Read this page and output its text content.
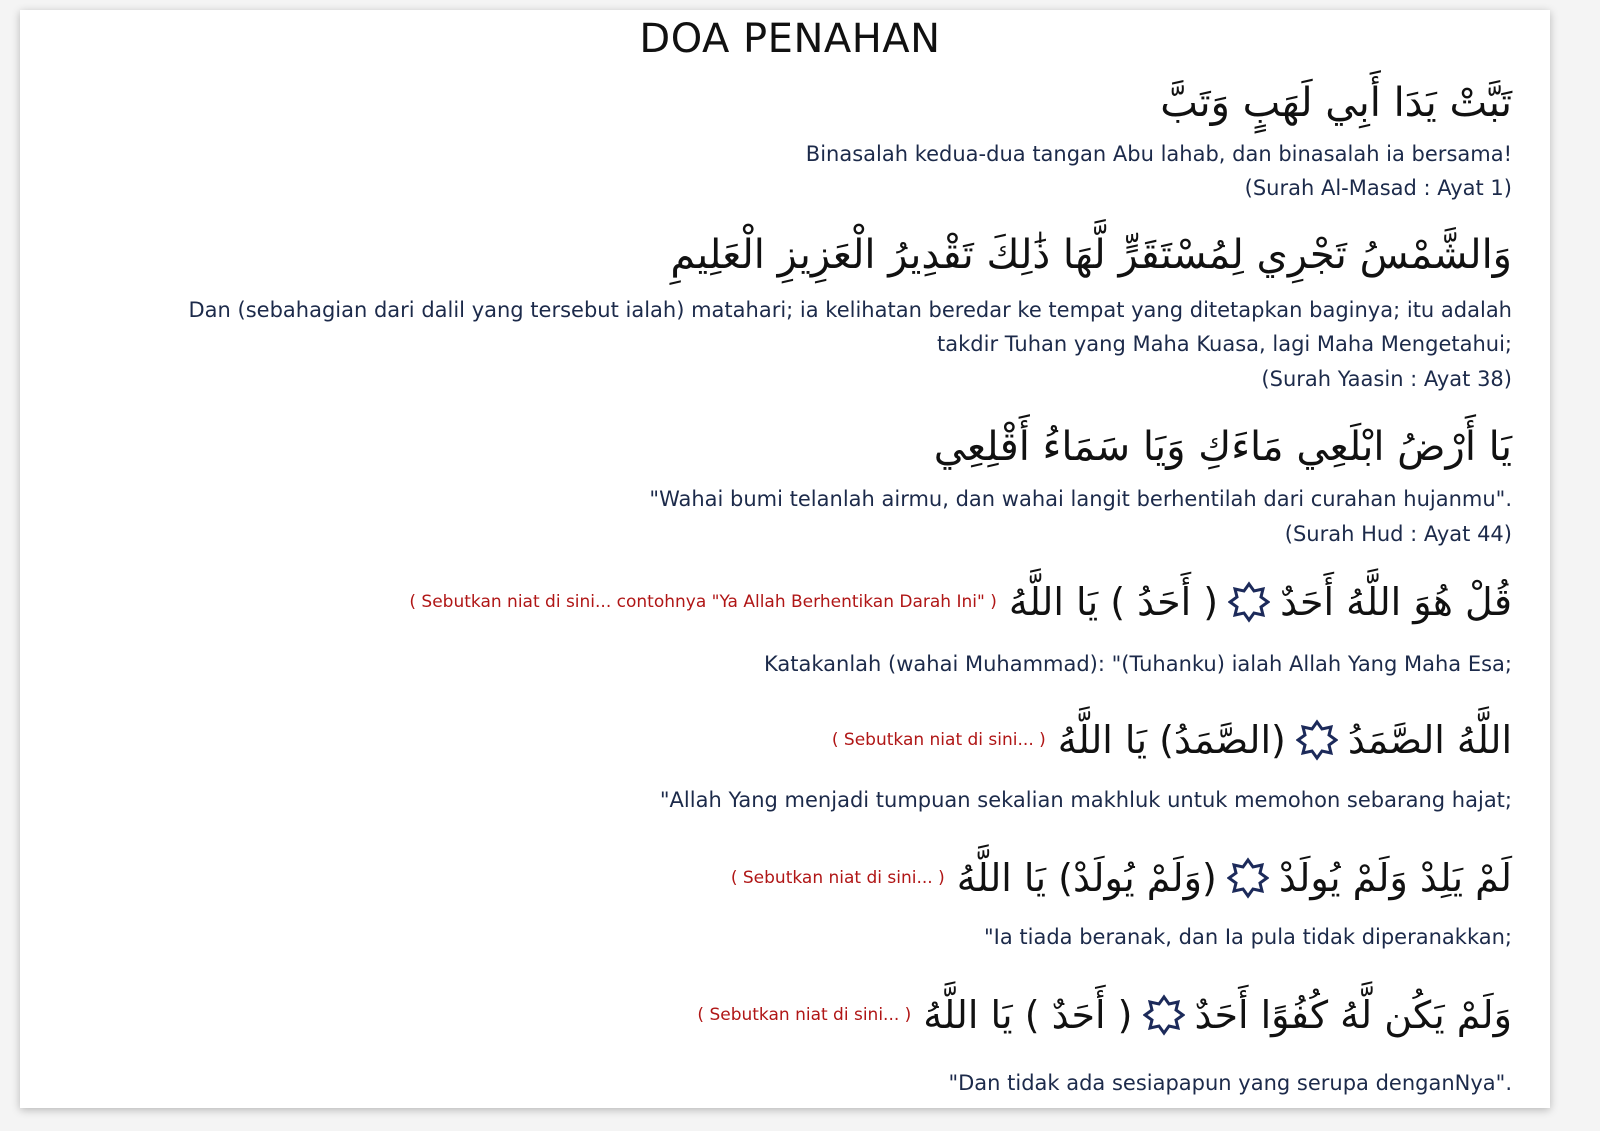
DOA PENAHAN
تَبَّتْ يَدَا أَبِي لَهَبٍ وَتَبَّ
Binasalah kedua-dua tangan Abu lahab, dan binasalah ia bersama!
(Surah Al-Masad : Ayat 1)
وَالشَّمْسُ تَجْرِي لِمُسْتَقَرٍّ لَّهَا ذَٰلِكَ تَقْدِيرُ الْعَزِيزِ الْعَلِيمِ
Dan (sebahagian dari dalil yang tersebut ialah) matahari; ia kelihatan beredar ke tempat yang ditetapkan baginya; itu adalah
takdir Tuhan yang Maha Kuasa, lagi Maha Mengetahui;
(Surah Yaasin : Ayat 38)
يَا أَرْضُ ابْلَعِي مَاءَكِ وَيَا سَمَاءُ أَقْلِعِي
"Wahai bumi telanlah airmu, dan wahai langit berhentilah dari curahan hujanmu".
(Surah Hud : Ayat 44)
( Sebutkan niat di sini... contohnya "Ya Allah Berhentikan Darah Ini" ) ( أَحَدُ ) يَا اللَّهُ قُلْ هُوَ اللَّهُ أَحَدٌ
Katakanlah (wahai Muhammad): "(Tuhanku) ialah Allah Yang Maha Esa;
( Sebutkan niat di sini... ) (الصَّمَدُ) يَا اللَّهُ اللَّهُ الصَّمَدُ
"Allah Yang menjadi tumpuan sekalian makhluk untuk memohon sebarang hajat;
( Sebutkan niat di sini... ) (وَلَمْ يُولَدْ) يَا اللَّهُ لَمْ يَلِدْ وَلَمْ يُولَدْ
"Ia tiada beranak, dan Ia pula tidak diperanakkan;
( Sebutkan niat di sini... ) ( أَحَدٌ ) يَا اللَّهُ وَلَمْ يَكُن لَّهُ كُفُوًا أَحَدٌ
"Dan tidak ada sesiapapun yang serupa denganNya".
